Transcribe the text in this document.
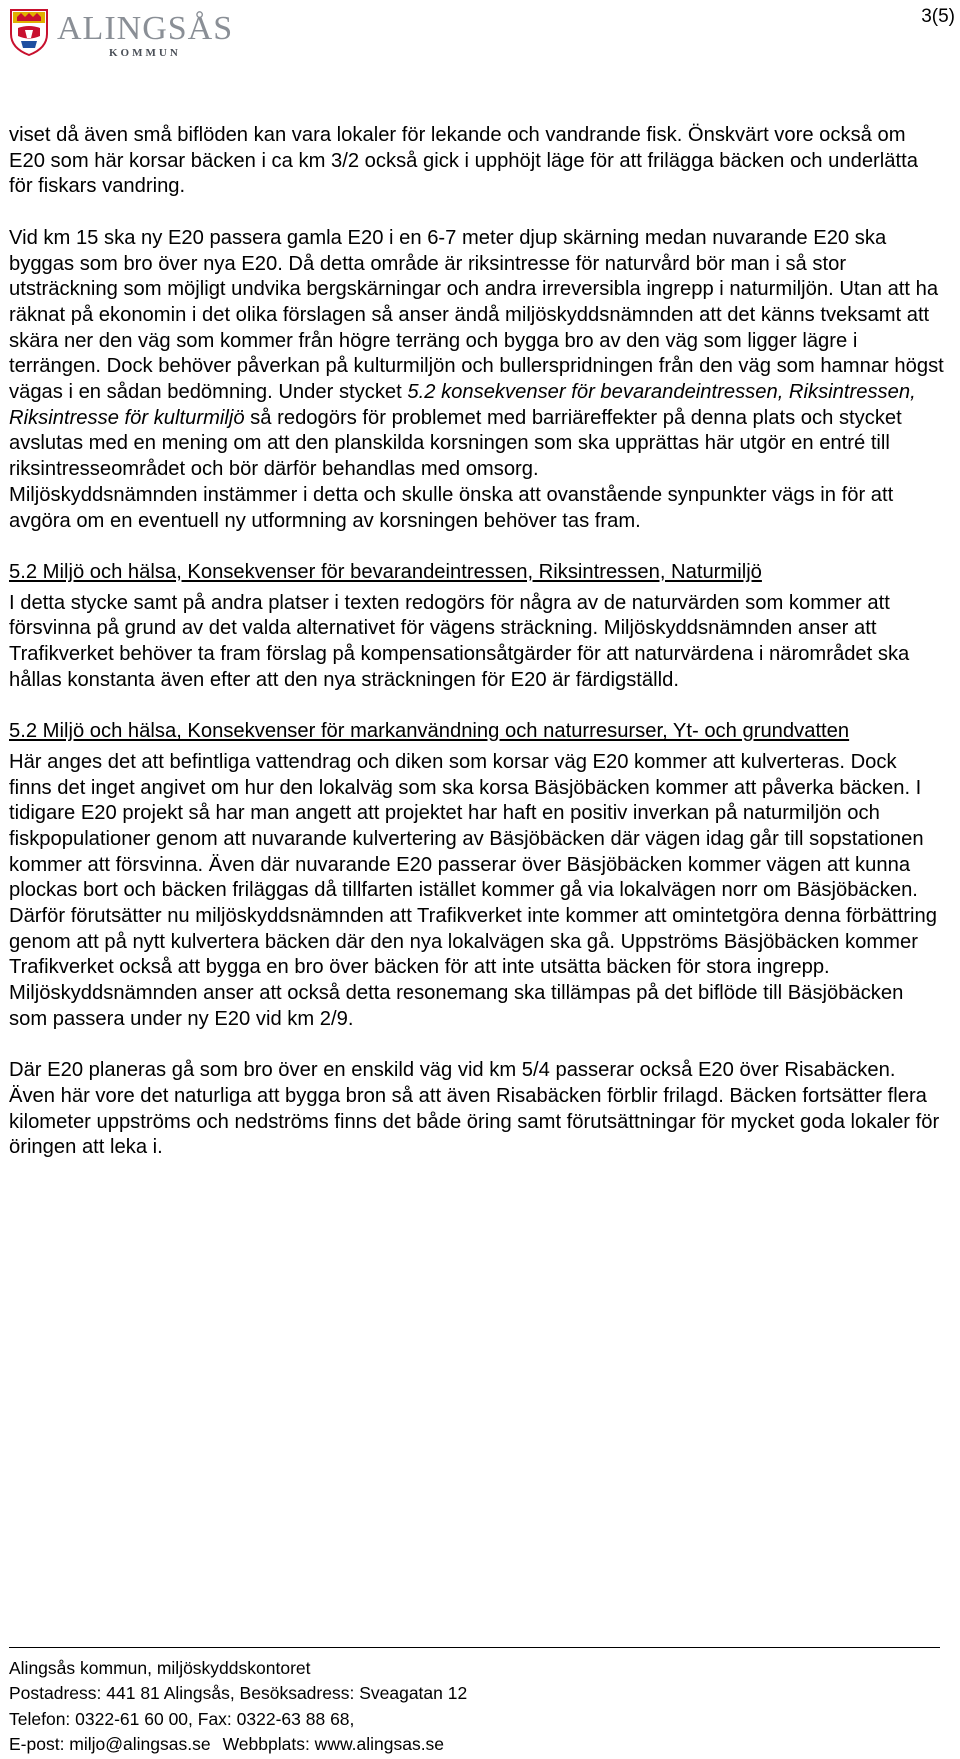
ALINGSÅS
KOMMUN
3(5)

viset då även små biflöden kan vara lokaler för lekande och vandrande fisk. Önskvärt vore också om E20 som här korsar bäcken i ca km 3/2 också gick i upphöjt läge för att frilägga bäcken och underlätta för fiskars vandring.

Vid km 15 ska ny E20 passera gamla E20 i en 6-7 meter djup skärning medan nuvarande E20 ska byggas som bro över nya E20. Då detta område är riksintresse för naturvård bör man i så stor utsträckning som möjligt undvika bergskärningar och andra irreversibla ingrepp i naturmiljön. Utan att ha räknat på ekonomin i det olika förslagen så anser ändå miljöskyddsnämnden att det känns tveksamt att skära ner den väg som kommer från högre terräng och bygga bro av den väg som ligger lägre i terrängen. Dock behöver påverkan på kulturmiljön och bullerspridningen från den väg som hamnar högst vägas i en sådan bedömning. Under stycket 5.2 konsekvenser för bevarandeintressen, Riksintressen, Riksintresse för kulturmiljö så redogörs för problemet med barriäreffekter på denna plats och stycket avslutas med en mening om att den planskilda korsningen som ska upprättas här utgör en entré till riksintresseområdet och bör därför behandlas med omsorg.

Miljöskyddsnämnden instämmer i detta och skulle önska att ovanstående synpunkter vägs in för att avgöra om en eventuell ny utformning av korsningen behöver tas fram.

5.2 Miljö och hälsa, Konsekvenser för bevarandeintressen, Riksintressen, Naturmiljö

I detta stycke samt på andra platser i texten redogörs för några av de naturvärden som kommer att försvinna på grund av det valda alternativet för vägens sträckning. Miljöskyddsnämnden anser att Trafikverket behöver ta fram förslag på kompensationsåtgärder för att naturvärdena i närområdet ska hållas konstanta även efter att den nya sträckningen för E20 är färdigställd.

5.2 Miljö och hälsa, Konsekvenser för markanvändning och naturresurser, Yt- och grundvatten

Här anges det att befintliga vattendrag och diken som korsar väg E20 kommer att kulverteras. Dock finns det inget angivet om hur den lokalväg som ska korsa Bäsjöbäcken kommer att påverka bäcken. I tidigare E20 projekt så har man angett att projektet har haft en positiv inverkan på naturmiljön och fiskpopulationer genom att nuvarande kulvertering av Bäsjöbäcken där vägen idag går till sopstationen kommer att försvinna. Även där nuvarande E20 passerar över Bäsjöbäcken kommer vägen att kunna plockas bort och bäcken friläggas då tillfarten istället kommer gå via lokalvägen norr om Bäsjöbäcken. Därför förutsätter nu miljöskyddsnämnden att Trafikverket inte kommer att omintetgöra denna förbättring genom att på nytt kulvertera bäcken där den nya lokalvägen ska gå. Uppströms Bäsjöbäcken kommer Trafikverket också att bygga en bro över bäcken för att inte utsätta bäcken för stora ingrepp. Miljöskyddsnämnden anser att också detta resonemang ska tillämpas på det biflöde till Bäsjöbäcken som passera under ny E20 vid km 2/9.

Där E20 planeras gå som bro över en enskild väg vid km 5/4 passerar också E20 över Risabäcken. Även här vore det naturliga att bygga bron så att även Risabäcken förblir frilagd. Bäcken fortsätter flera kilometer uppströms och nedströms finns det både öring samt förutsättningar för mycket goda lokaler för öringen att leka i.

Alingsås kommun, miljöskyddskontoret
Postadress: 441 81 Alingsås, Besöksadress: Sveagatan 12
Telefon: 0322-61 60 00, Fax: 0322-63 88 68,
E-post: miljo@alingsas.se Webbplats: www.alingsas.se
